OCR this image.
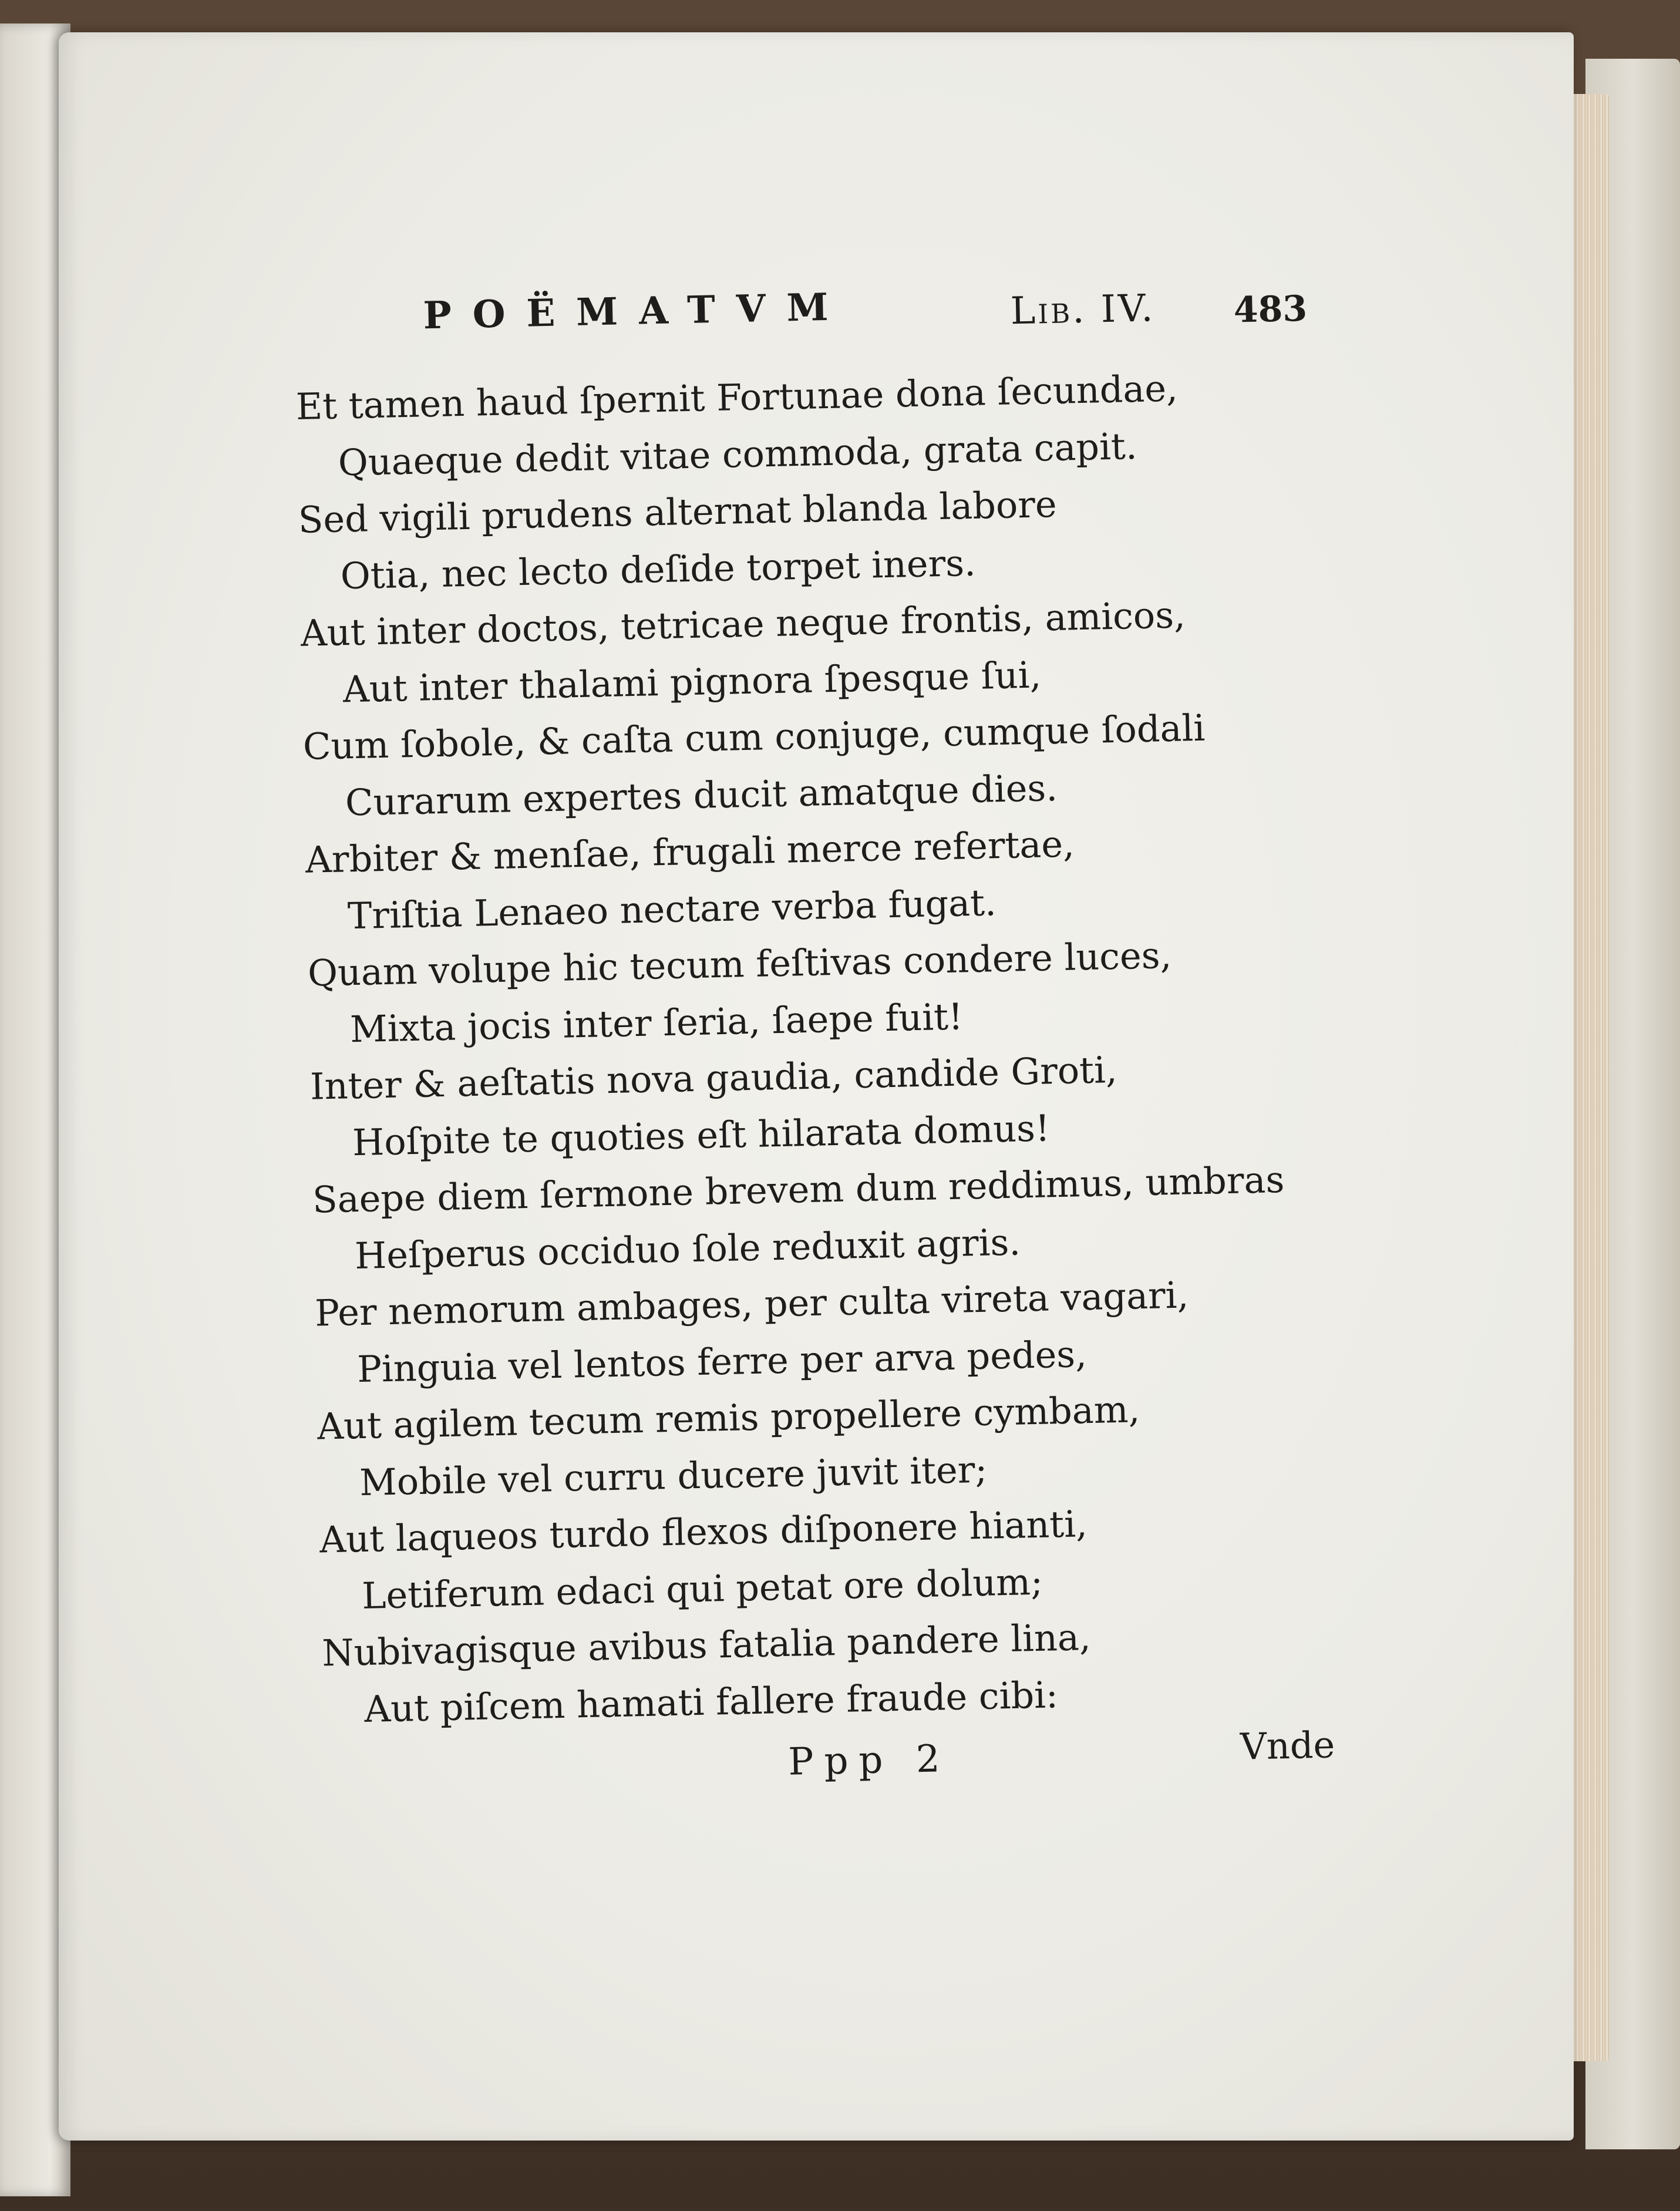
POËMATVM	Lib. IV. 483
Et tamen haud ſpernit Fortunae dona ſecundae,
Quaeque dedit vitae commoda, grata capit.
Sed vigili prudens alternat blanda labore
Otia, nec lecto deſide torpet iners.
Aut inter doctos, tetricae neque frontis, amicos,
Aut inter thalami pignora ſpesque ſui,
Cum ſobole, & caſta cum conjuge, cumque ſodali
Curarum expertes ducit amatque dies.
Arbiter & menſae, frugali merce refertae,
Triſtia Lenaeo nectare verba fugat.
Quam volupe hic tecum feſtivas condere luces,
Mixta jocis inter ſeria, ſaepe fuit!
Inter & aeſtatis nova gaudia, candide Groti,
Hoſpite te quoties eſt hilarata domus!
Saepe diem ſermone brevem dum reddimus, umbras
Heſperus occiduo ſole reduxit agris.
Per nemorum ambages, per culta vireta vagari,
Pinguia vel lentos ferre per arva pedes,
Aut agilem tecum remis propellere cymbam,
Mobile vel curru ducere juvit iter;
Aut laqueos turdo flexos diſponere hianti,
Letiferum edaci qui petat ore dolum;
Nubivagisque avibus fatalia pandere lina,
Aut piſcem hamati fallere fraude cibi:
Ppp 2	Vnde
